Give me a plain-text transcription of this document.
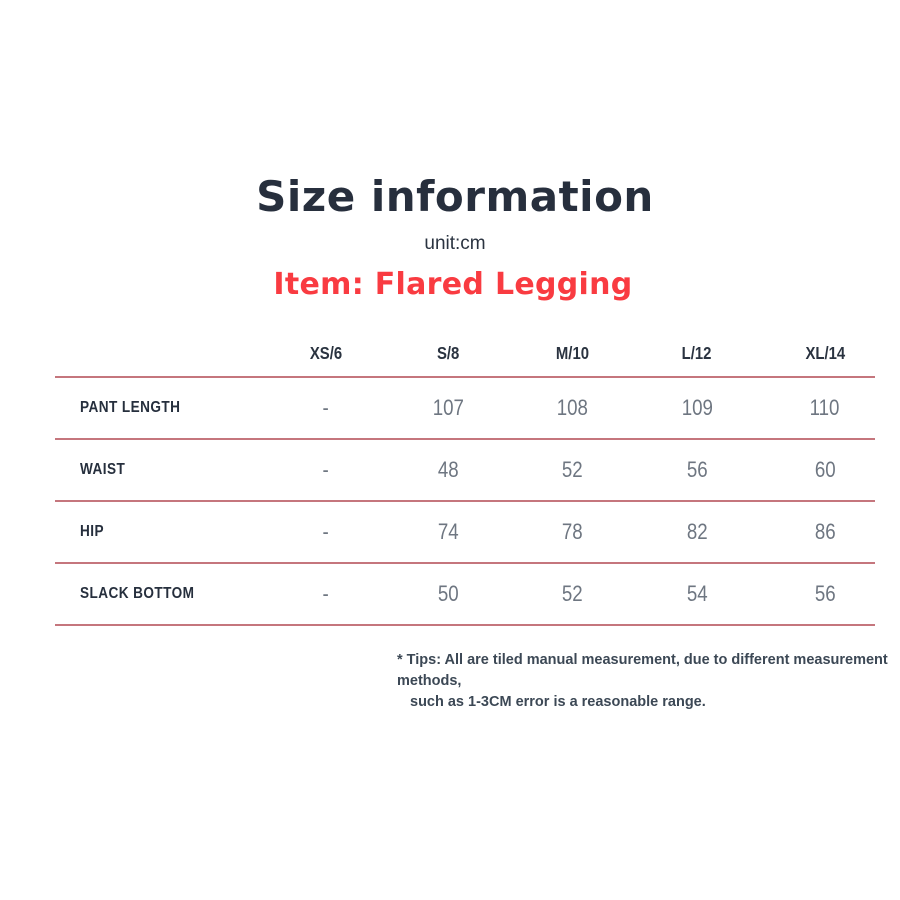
Size information
unit:cm
Item: Flared Legging
XS/6	S/8	M/10	L/12	XL/14
PANT LENGTH	-	107	108	109	110
WAIST	-	48	52	56	60
HIP	-	74	78	82	86
SLACK BOTTOM	-	50	52	54	56
* Tips: All are tiled manual measurement, due to different measurement methods,
such as 1-3CM error is a reasonable range.
